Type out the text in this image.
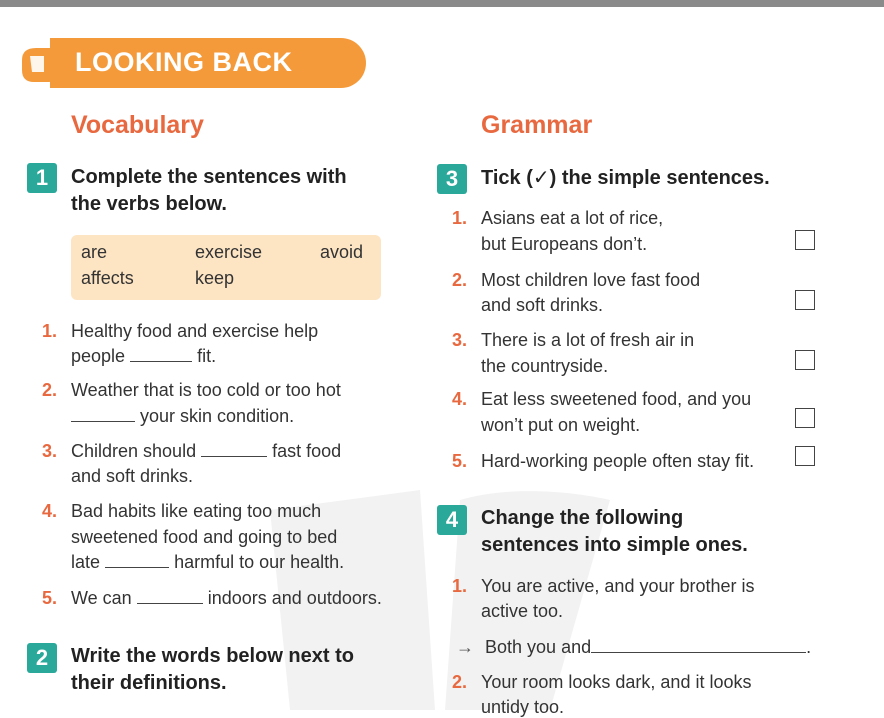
LOOKING BACK
Vocabulary	Grammar
1	Complete the sentences with
the verbs below.
are	exercise	avoid
affects	keep
1. Healthy food and exercise help
people	fit.
2. Weather that is too cold or too hot
your skin condition.
3. Children should	fast food
and soft drinks.
4. Bad habits like eating too much
sweetened food and going to bed
late	harmful to our health.
5. We can	indoors and outdoors.
2	Write the words below next to
their definitions.
3	Tick (✓) the simple sentences.
1. Asians eat a lot of rice,
but Europeans don’t.
2. Most children love fast food
and soft drinks.
3. There is a lot of fresh air in
the countryside.
4. Eat less sweetened food, and you
won’t put on weight.
5. Hard-working people often stay fit.
4	Change the following
sentences into simple ones.
1. You are active, and your brother is
active too.
→ Both you and	.
2. Your room looks dark, and it looks
untidy too.
